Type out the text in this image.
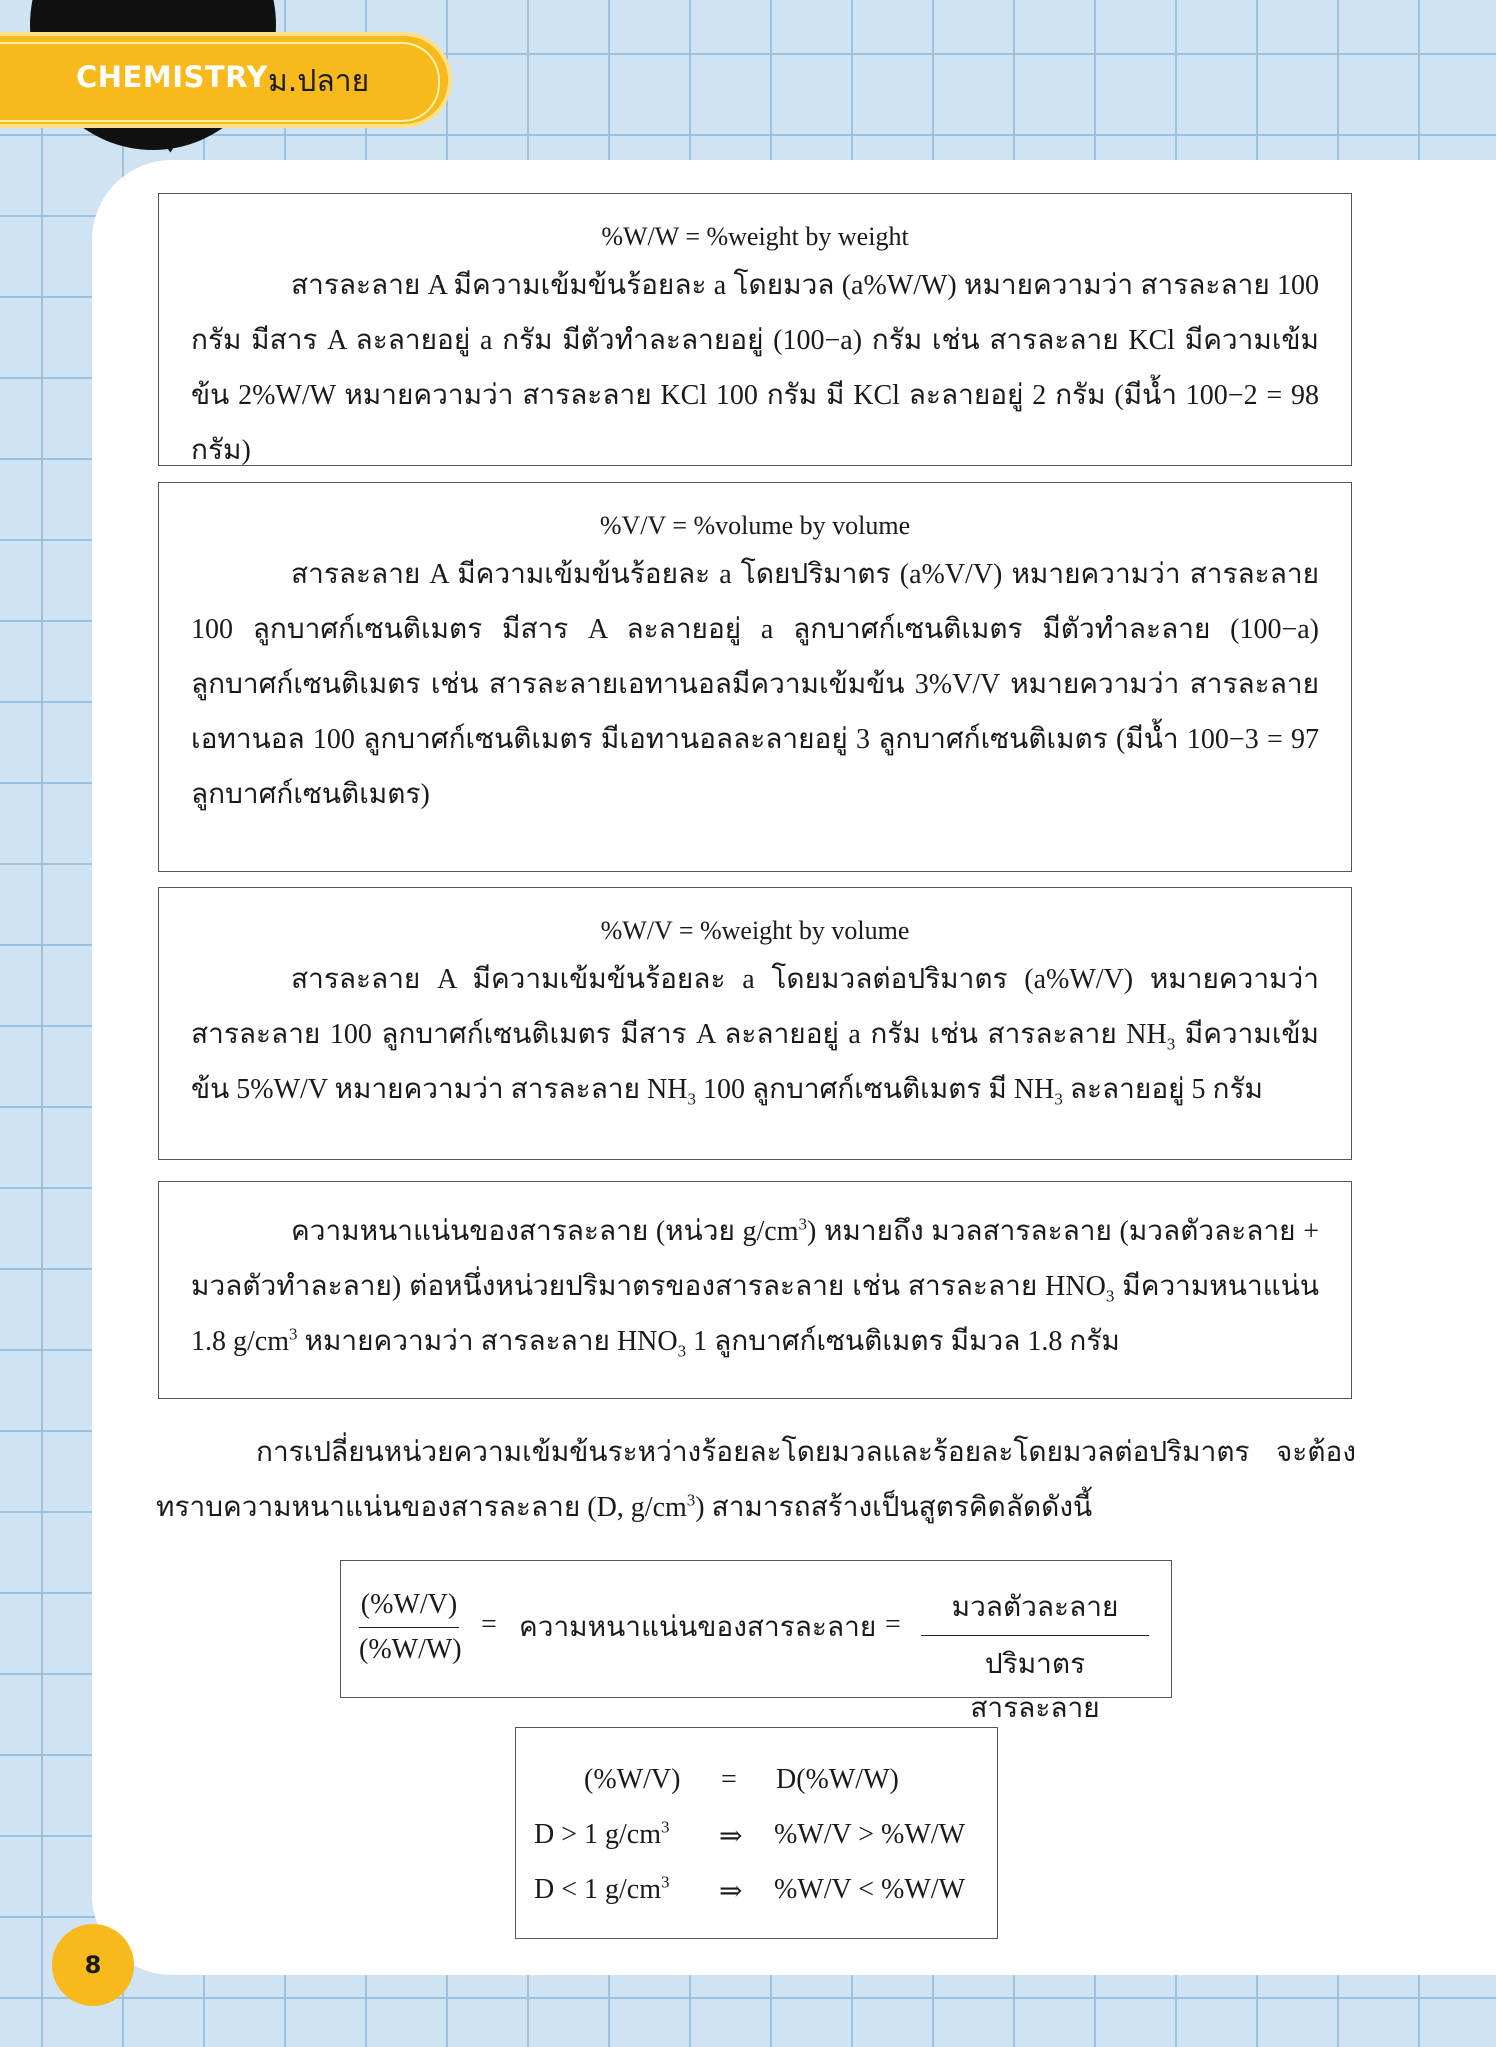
CHEMISTRY ม.ปลาย
%W/W = %weight by weight

สารละลาย A มีความเข้มข้นร้อยละ a โดยมวล (a%W/W) หมายความว่า สารละลาย 100 กรัม มีสาร A ละลายอยู่ a กรัม มีตัวทำละลายอยู่ (100−a) กรัม เช่น สารละลาย KCl มีความเข้มข้น 2%W/W หมายความว่า สารละลาย KCl 100 กรัม มี KCl ละลายอยู่ 2 กรัม (มีน้ำ 100−2 = 98 กรัม)

%V/V = %volume by volume

สารละลาย A มีความเข้มข้นร้อยละ a โดยปริมาตร (a%V/V) หมายความว่า สารละลาย 100 ลูกบาศก์เซนติเมตร มีสาร A ละลายอยู่ a ลูกบาศก์เซนติเมตร มีตัวทำละลาย (100−a) ลูกบาศก์เซนติเมตร เช่น สารละลายเอทานอลมีความเข้มข้น 3%V/V หมายความว่า สารละลายเอทานอล 100 ลูกบาศก์เซนติเมตร มีเอทานอลละลายอยู่ 3 ลูกบาศก์เซนติเมตร (มีน้ำ 100−3 = 97 ลูกบาศก์เซนติเมตร)

%W/V = %weight by volume

สารละลาย A มีความเข้มข้นร้อยละ a โดยมวลต่อปริมาตร (a%W/V) หมายความว่า สารละลาย 100 ลูกบาศก์เซนติเมตร มีสาร A ละลายอยู่ a กรัม เช่น สารละลาย $NH_3$ มีความเข้มข้น 5%W/V หมายความว่า สารละลาย $NH_3$ 100 ลูกบาศก์เซนติเมตร มี $NH_3$ ละลายอยู่ 5 กรัม

ความหนาแน่นของสารละลาย (หน่วย $g/cm^3$) หมายถึง มวลสารละลาย (มวลตัวละลาย + มวลตัวทำละลาย) ต่อหนึ่งหน่วยปริมาตรของสารละลาย เช่น สารละลาย $HNO_3$ มีความหนาแน่น 1.8 $g/cm^3$ หมายความว่า สารละลาย $HNO_3$ 1 ลูกบาศก์เซนติเมตร มีมวล 1.8 กรัม

การเปลี่ยนหน่วยความเข้มข้นระหว่างร้อยละโดยมวลและร้อยละโดยมวลต่อปริมาตร จะต้องทราบความหนาแน่นของสารละลาย (D, $g/cm^3$) สามารถสร้างเป็นสูตรคิดลัดดังนี้

(%W/V)
(%W/W)
= ความหนาแน่นของสารละลาย =
มวลตัวละลาย
ปริมาตรสารละลาย
(%W/V) = D(%W/W)
D > 1 $g/cm^3$ ⇒ %W/V > %W/W
D < 1 $g/cm^3$ ⇒ %W/V < %W/W
8
